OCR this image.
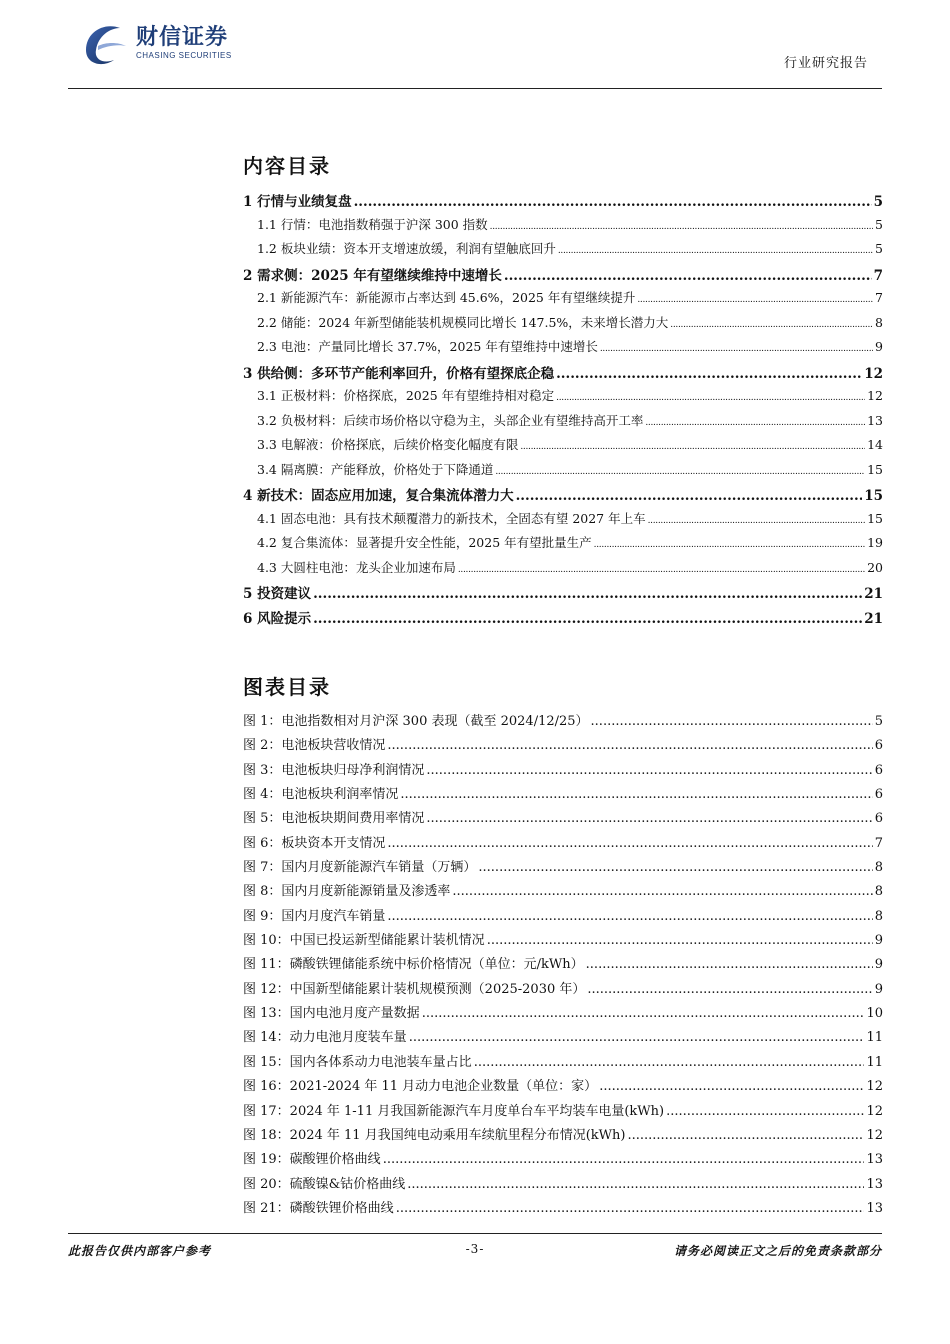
财信证券
CHASING SECURITIES
行业研究报告
内容目录
1 行情与业绩复盘 .....	5
1.1 行情：电池指数稍强于沪深 300 指数 .....	5
1.2 板块业绩：资本开支增速放缓，利润有望触底回升 .....	5
2 需求侧：2025 年有望继续维持中速增长 .....	7
2.1 新能源汽车：新能源市占率达到 45.6%，2025 年有望继续提升 .....	7
2.2 储能：2024 年新型储能装机规模同比增长 147.5%，未来增长潜力大 .....	8
2.3 电池：产量同比增长 37.7%，2025 年有望维持中速增长 .....	9
3 供给侧：多环节产能利率回升，价格有望探底企稳 .....	12
3.1 正极材料：价格探底，2025 年有望维持相对稳定 .....	12
3.2 负极材料：后续市场价格以守稳为主，头部企业有望维持高开工率 .....	13
3.3 电解液：价格探底，后续价格变化幅度有限 .....	14
3.4 隔离膜：产能释放，价格处于下降通道 .....	15
4 新技术：固态应用加速，复合集流体潜力大 .....	15
4.1 固态电池：具有技术颠覆潜力的新技术，全固态有望 2027 年上车 .....	15
4.2 复合集流体：显著提升安全性能，2025 年有望批量生产 .....	19
4.3 大圆柱电池：龙头企业加速布局 .....	20
5 投资建议 .....	21
6 风险提示 .....	21
图表目录
图 1：电池指数相对月沪深 300 表现（截至 2024/12/25） .....	5
图 2：电池板块营收情况 .....	6
图 3：电池板块归母净利润情况 .....	6
图 4：电池板块利润率情况 .....	6
图 5：电池板块期间费用率情况 .....	6
图 6：板块资本开支情况 .....	7
图 7：国内月度新能源汽车销量（万辆） .....	8
图 8：国内月度新能源销量及渗透率 .....	8
图 9：国内月度汽车销量 .....	8
图 10：中国已投运新型储能累计装机情况 .....	9
图 11：磷酸铁锂储能系统中标价格情况（单位：元/kWh） .....	9
图 12：中国新型储能累计装机规模预测（2025-2030 年） .....	9
图 13：国内电池月度产量数据 .....	10
图 14：动力电池月度装车量 .....	11
图 15：国内各体系动力电池装车量占比 .....	11
图 16：2021-2024 年 11 月动力电池企业数量（单位：家） .....	12
图 17：2024 年 1-11 月我国新能源汽车月度单台车平均装车电量(kWh) .....	12
图 18：2024 年 11 月我国纯电动乘用车续航里程分布情况(kWh) .....	12
图 19：碳酸锂价格曲线 .....	13
图 20：硫酸镍&钴价格曲线 .....	13
图 21：磷酸铁锂价格曲线 .....	13
此报告仅供内部客户参考	-3-	请务必阅读正文之后的免责条款部分
